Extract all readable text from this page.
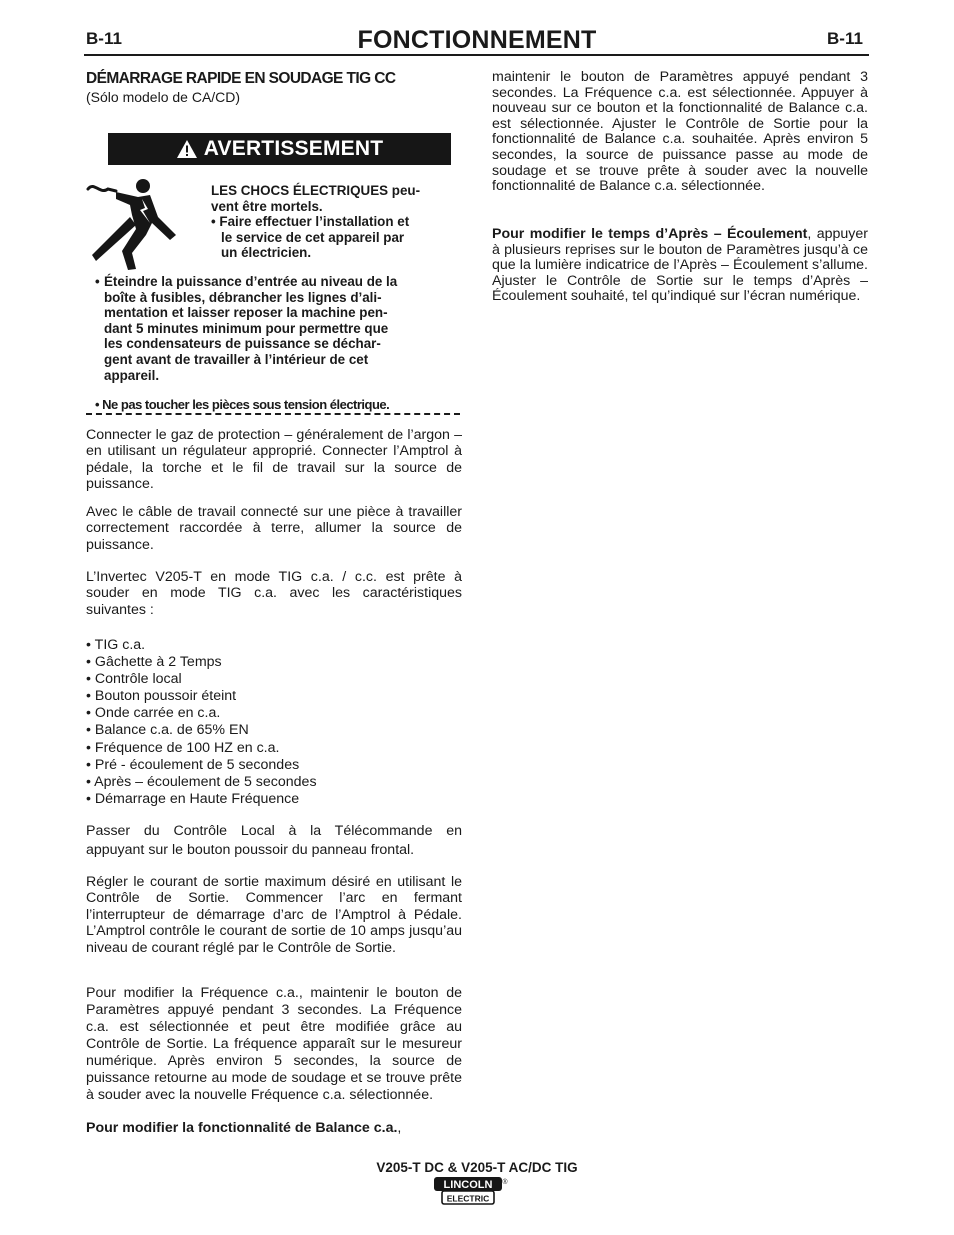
B-11	FONCTIONNEMENT	B-11
DÉMARRAGE RAPIDE EN SOUDAGE TIG CC
(Sólo modelo de CA/CD)
AVERTISSEMENT
LES CHOCS ÉLECTRIQUES peu-
vent être mortels.
• Faire effectuer l’installation et
le service de cet appareil par
un électricien.
• Éteindre la puissance d’entrée au niveau de la
boîte à fusibles, débrancher les lignes d’ali-
mentation et laisser reposer la machine pen-
dant 5 minutes minimum pour permettre que
les condensateurs de puissance se déchar-
gent avant de travailler à l’intérieur de cet
appareil.
• Ne pas toucher les pièces sous tension électrique.

Connecter le gaz de protection – généralement de l’argon – en utilisant un régulateur approprié. Connecter l’Amptrol à pédale, la torche et le fil de travail sur la source de puissance.

Avec le câble de travail connecté sur une pièce à travailler correctement raccordée à terre, allumer la source de puissance.

L’Invertec V205-T en mode TIG c.a. / c.c. est prête à souder en mode TIG c.a. avec les caractéristiques suivantes :

• TIG c.a.
• Gâchette à 2 Temps
• Contrôle local
• Bouton poussoir éteint
• Onde carrée en c.a.
• Balance c.a. de 65% EN
• Fréquence de 100 HZ en c.a.
• Pré - écoulement de 5 secondes
• Après – écoulement de 5 secondes
• Démarrage en Haute Fréquence
Passer du Contrôle Local à la Télécommande en
appuyant sur le bouton poussoir du panneau frontal.

Régler le courant de sortie maximum désiré en utilisant le Contrôle de Sortie. Commencer l’arc en fermant l’interrupteur de démarrage d’arc de l’Amptrol à Pédale. L’Amptrol contrôle le courant de sortie de 10 amps jusqu’au niveau de courant réglé par le Contrôle de Sortie.

Pour modifier la Fréquence c.a., maintenir le bouton de Paramètres appuyé pendant 3 secondes. La Fréquence c.a. est sélectionnée et peut être modifiée grâce au Contrôle de Sortie. La fréquence apparaît sur le mesureur numérique. Après environ 5 secondes, la source de puissance retourne au mode de soudage et se trouve prête à souder avec la nouvelle Fréquence c.a. sélectionnée.

Pour modifier la fonctionnalité de Balance c.a.,

maintenir le bouton de Paramètres appuyé pendant 3 secondes. La Fréquence c.a. est sélectionnée. Appuyer à nouveau sur ce bouton et la fonctionnalité de Balance c.a. est sélectionnée. Ajuster le Contrôle de Sortie pour la fonctionnalité de Balance c.a. souhaitée. Après environ 5 secondes, la source de puissance passe au mode de soudage et se trouve prête à souder avec la nouvelle fonctionnalité de Balance c.a. sélectionnée.

Pour modifier le temps d’Après – Écoulement, appuyer à plusieurs reprises sur le bouton de Paramètres jusqu’à ce que la lumière indicatrice de l’Après – Écoulement s’allume. Ajuster le Contrôle de Sortie sur le temps d’Après – Écoulement souhaité, tel qu’indiqué sur l’écran numérique.

V205-T DC & V205-T AC/DC TIG
LINCOLN
ELECTRIC
®
